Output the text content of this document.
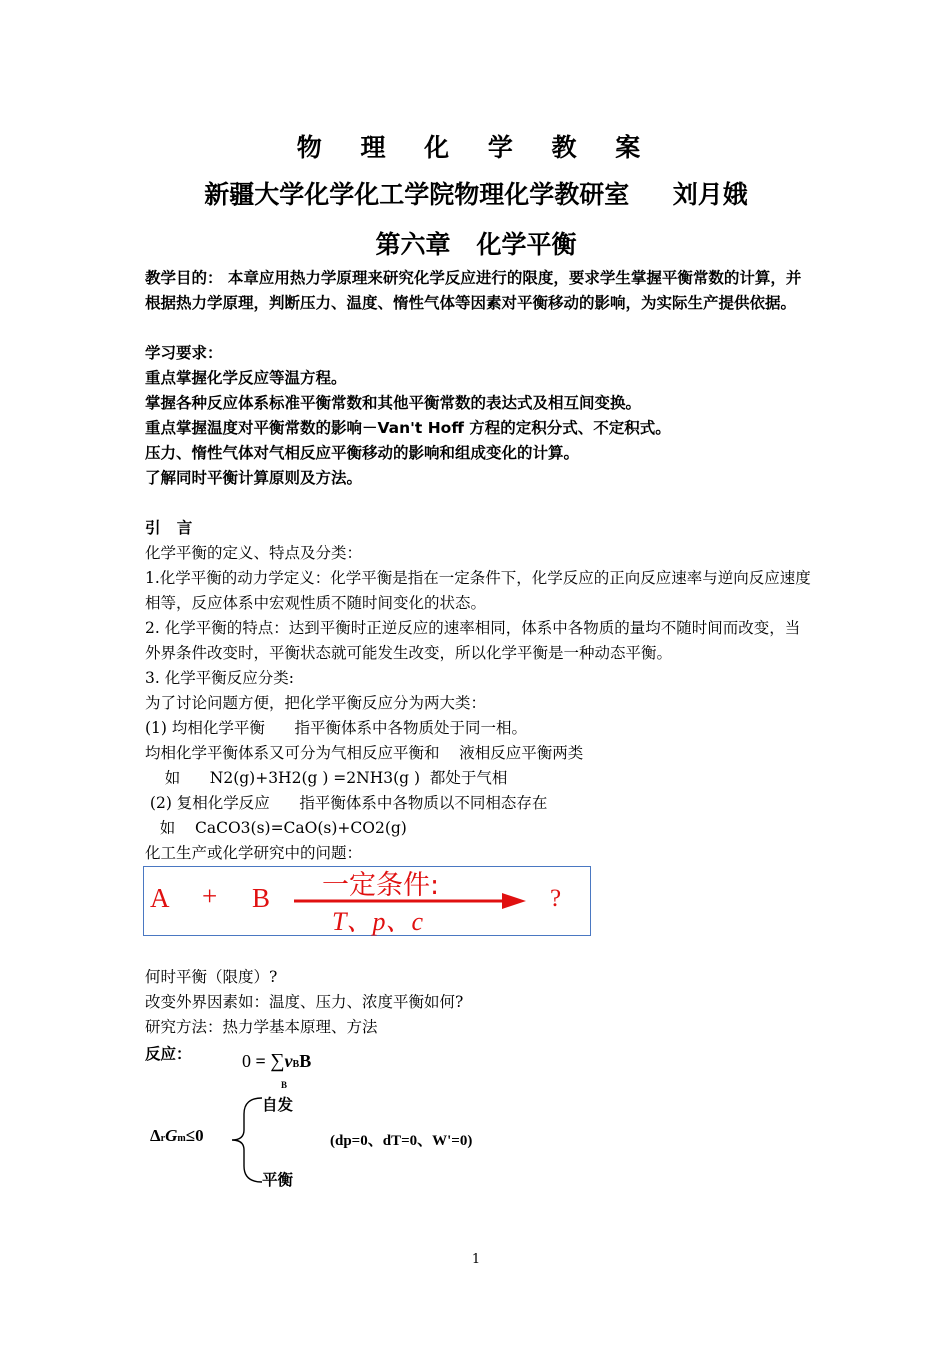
物 理 化 学 教 案
新疆大学化学化工学院物理化学教研室     刘月娥
第六章   化学平衡
教学目的： 本章应用热力学原理来研究化学反应进行的限度，要求学生掌握平衡常数的计算，并根据热力学原理，判断压力、温度、惰性气体等因素对平衡移动的影响，为实际生产提供依据。
学习要求：
重点掌握化学反应等温方程。
掌握各种反应体系标准平衡常数和其他平衡常数的表达式及相互间变换。
重点掌握温度对平衡常数的影响－Van't Hoff 方程的定积分式、不定积式。
压力、惰性气体对气相反应平衡移动的影响和组成变化的计算。
了解同时平衡计算原则及方法。
引   言
化学平衡的定义、特点及分类：
1.化学平衡的动力学定义：化学平衡是指在一定条件下，化学反应的正向反应速率与逆向反应速度相等，反应体系中宏观性质不随时间变化的状态。
2. 化学平衡的特点：达到平衡时正逆反应的速率相同，体系中各物质的量均不随时间而改变，当外界条件改变时，平衡状态就可能发生改变，所以化学平衡是一种动态平衡。
3. 化学平衡反应分类:
为了讨论问题方便，把化学平衡反应分为两大类：
(1) 均相化学平衡      指平衡体系中各物质处于同一相。
均相化学平衡体系又可分为气相反应平衡和    液相反应平衡两类
如      N2(g)+3H2(g ) =2NH3(g )  都处于气相
(2) 复相化学反应      指平衡体系中各物质以不同相态存在
如    CaCO3(s)=CaO(s)+CO2(g)
化工生产或化学研究中的问题：
A + B 一定条件:
T、p、c
?
何时平衡（限度）?
改变外界因素如：温度、压力、浓度平衡如何?
研究方法：热力学基本原理、方法
反应：	0 = ∑νBB
B
ΔrGm≤0
自发
平衡
(dp=0、dT=0、W'=0)
1
